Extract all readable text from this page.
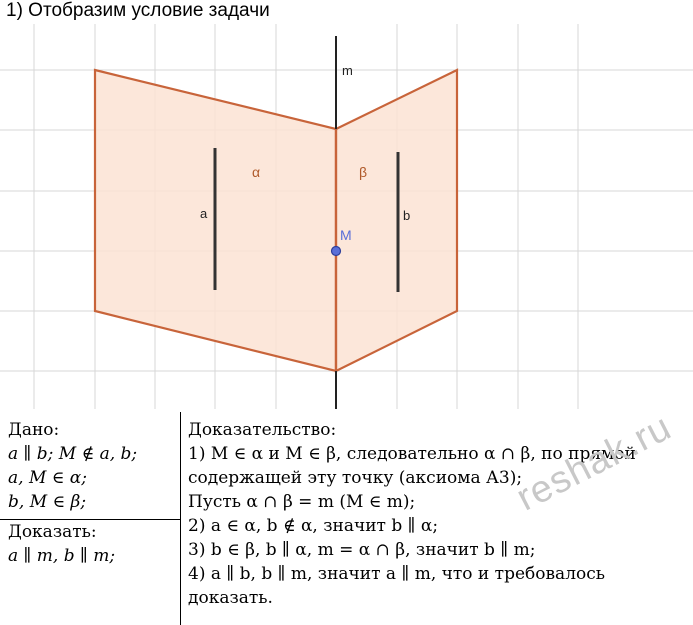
1) Отобразим условие задачи
m
α	β
a	b
M
Дано:
a ∥ b; M ∉ a, b;
a, M ∈ α;
b, M ∈ β;
Доказать:
a ∥ m, b ∥ m;
Доказательство:
1) M ∈ α и M ∈ β, следовательно α ∩ β, по прямой
содержащей эту точку (аксиома А3);
Пусть α ∩ β = m (M ∈ m);
2) a ∈ α, b ∉ α, значит b ∥ α;
3) b ∈ β, b ∥ α, m = α ∩ β, значит b ∥ m;
4) a ∥ b, b ∥ m, значит a ∥ m, что и требовалось
доказать.
reshak.ru
